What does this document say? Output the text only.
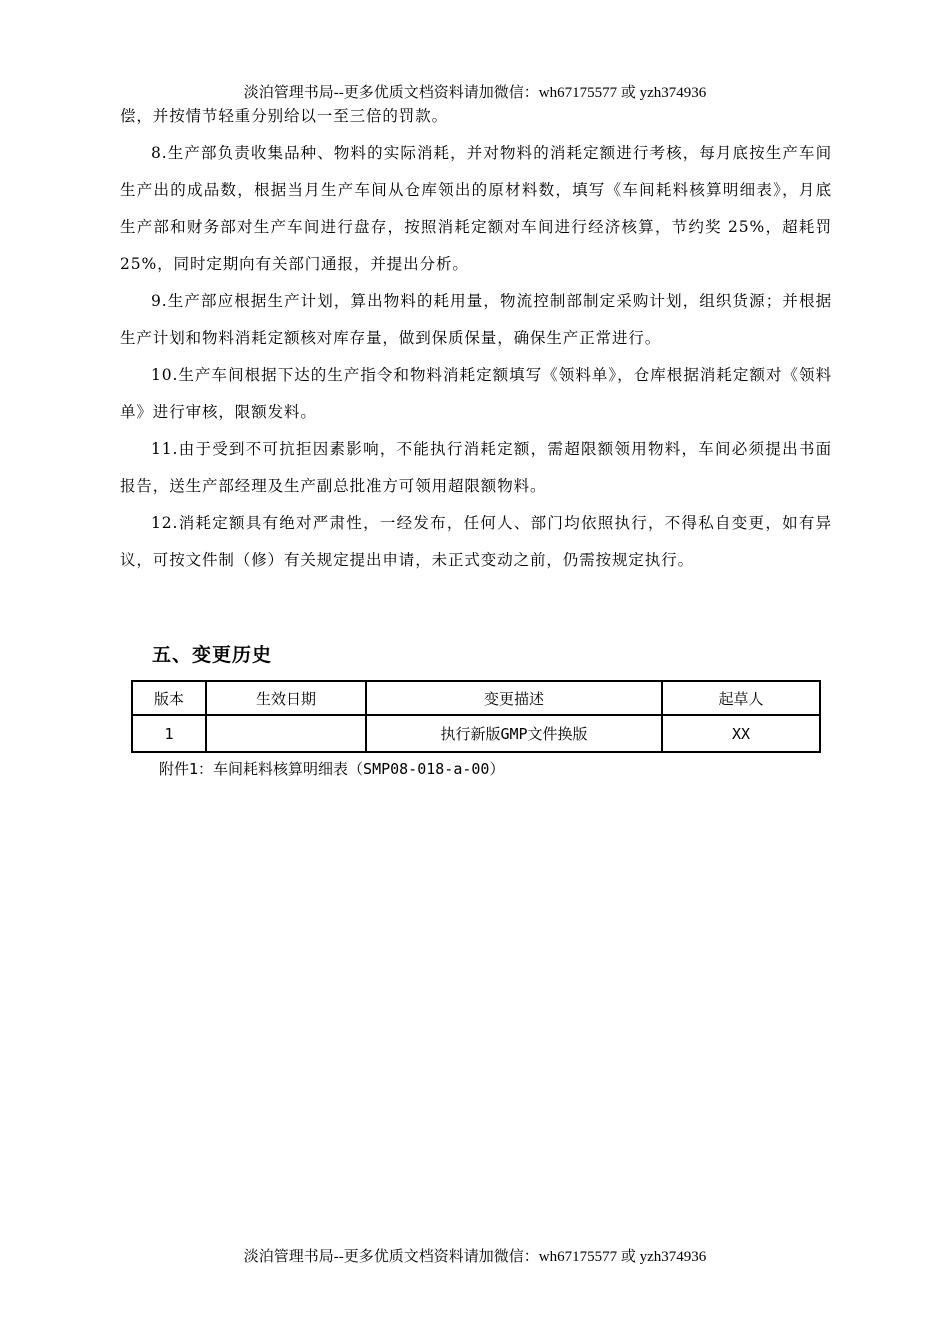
淡泊管理书局--更多优质文档资料请加微信：wh67175577 或 yzh374936

偿，并按情节轻重分别给以一至三倍的罚款。

8.生产部负责收集品种、物料的实际消耗，并对物料的消耗定额进行考核，每月底按生产车间生产出的成品数，根据当月生产车间从仓库领出的原材料数，填写《车间耗料核算明细表》，月底生产部和财务部对生产车间进行盘存，按照消耗定额对车间进行经济核算，节约奖 25%，超耗罚 25%，同时定期向有关部门通报，并提出分析。

9.生产部应根据生产计划，算出物料的耗用量，物流控制部制定采购计划，组织货源；并根据生产计划和物料消耗定额核对库存量，做到保质保量，确保生产正常进行。

10.生产车间根据下达的生产指令和物料消耗定额填写《领料单》，仓库根据消耗定额对《领料单》进行审核，限额发料。

11.由于受到不可抗拒因素影响，不能执行消耗定额，需超限额领用物料，车间必须提出书面报告，送生产部经理及生产副总批准方可领用超限额物料。

12.消耗定额具有绝对严肃性，一经发布，任何人、部门均依照执行，不得私自变更，如有异议，可按文件制（修）有关规定提出申请，未正式变动之前，仍需按规定执行。

五、变更历史
版本	生效日期	变更描述	起草人
1		执行新版GMP文件换版	XX
附件1：车间耗料核算明细表（SMP08-018-a-00）
淡泊管理书局--更多优质文档资料请加微信：wh67175577 或 yzh374936
